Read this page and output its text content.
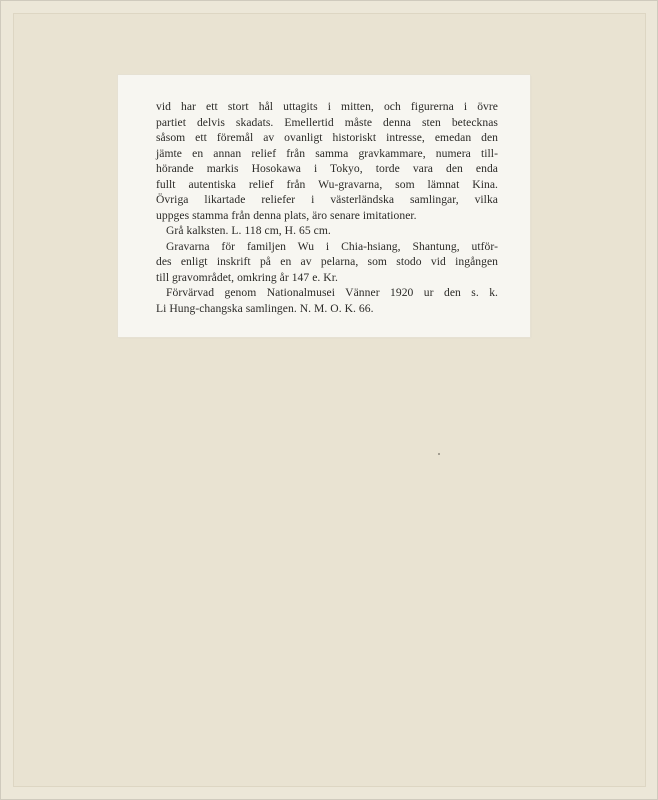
vid har ett stort hål uttagits i mitten, och figurerna i övre
partiet delvis skadats. Emellertid måste denna sten betecknas
såsom ett föremål av ovanligt historiskt intresse, emedan den
jämte en annan relief från samma gravkammare, numera till-
hörande markis Hosokawa i Tokyo, torde vara den enda
fullt autentiska relief från Wu-gravarna, som lämnat Kina.
Övriga likartade reliefer i västerländska samlingar, vilka
uppges stamma från denna plats, äro senare imitationer.
Grå kalksten. L. 118 cm, H. 65 cm.
Gravarna för familjen Wu i Chia-hsiang, Shantung, utför-
des enligt inskrift på en av pelarna, som stodo vid ingången
till gravområdet, omkring år 147 e. Kr.
Förvärvad genom Nationalmusei Vänner 1920 ur den s. k.
Li Hung-changska samlingen. N. M. O. K. 66.
